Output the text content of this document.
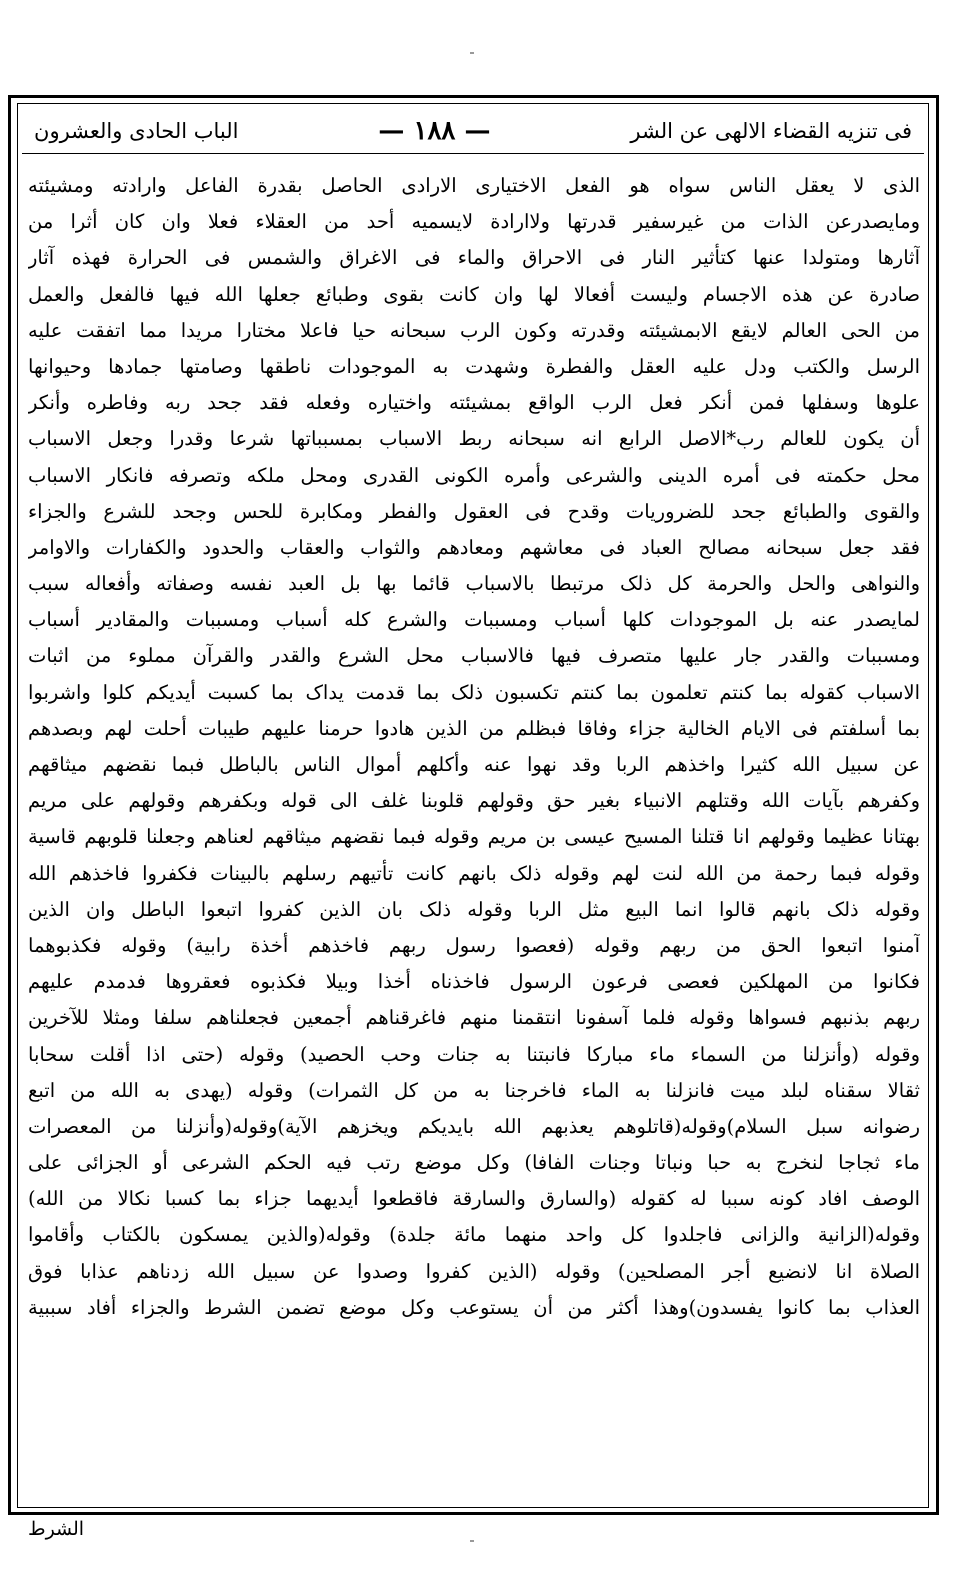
الباب الحادی والعشرون	— ١٨٨ —	فی تنزیه القضاء الالهی عن الشر
الذی لا یعقل الناس سواه هو الفعل الاختیاری الارادی الحاصل بقدرة الفاعل وارادته ومشیئته
ومایصدرعن الذات من غیرسفیر قدرتها ولاارادة لایسمیه أحد من العقلاء فعلا وان کان أثرا من
آثارها ومتولدا عنها کتأثیر النار فی الاحراق والماء فی الاغراق والشمس فی الحرارة فهذه آثار
صادرة عن هذه الاجسام ولیست أفعالا لها وان کانت بقوی وطبائع جعلها الله فیها فالفعل والعمل
من الحی العالم لایقع الابمشیئته وقدرته وکون الرب سبحانه حیا فاعلا مختارا مریدا مما اتفقت علیه
الرسل والکتب ودل علیه العقل والفطرة وشهدت به الموجودات ناطقها وصامتها جمادها وحیوانها
علوها وسفلها فمن أنکر فعل الرب الواقع بمشیئته واختیاره وفعله فقد جحد ربه وفاطره وأنکر
أن یکون للعالم رب*الاصل الرابع انه سبحانه ربط الاسباب بمسبباتها شرعا وقدرا وجعل الاسباب
محل حکمته فی أمره الدینی والشرعی وأمره الکونی القدری ومحل ملکه وتصرفه فانکار الاسباب
والقوی والطبائع جحد للضروریات وقدح فی العقول والفطر ومکابرة للحس وجحد للشرع والجزاء
فقد جعل سبحانه مصالح العباد فی معاشهم ومعادهم والثواب والعقاب والحدود والکفارات والاوامر
والنواهی والحل والحرمة کل ذلک مرتبطا بالاسباب قائما بها بل العبد نفسه وصفاته وأفعاله سبب
لمایصدر عنه بل الموجودات کلها أسباب ومسببات والشرع کله أسباب ومسببات والمقادیر أسباب
ومسببات والقدر جار علیها متصرف فیها فالاسباب محل الشرع والقدر والقرآن مملوء من اثبات
الاسباب کقوله بما کنتم تعلمون بما کنتم تکسبون ذلک بما قدمت یداک بما کسبت أیدیکم کلوا واشربوا
بما أسلفتم فی الایام الخالیة جزاء وفاقا فبظلم من الذین هادوا حرمنا علیهم طیبات أحلت لهم وبصدهم
عن سبیل الله کثیرا واخذهم الربا وقد نهوا عنه وأکلهم أموال الناس بالباطل فبما نقضهم میثاقهم
وکفرهم بآیات الله وقتلهم الانبیاء بغیر حق وقولهم قلوبنا غلف الی قوله وبکفرهم وقولهم علی مریم
بهتانا عظیما وقولهم انا قتلنا المسیح عیسی بن مریم وقوله فبما نقضهم میثاقهم لعناهم وجعلنا قلوبهم قاسیة
وقوله فبما رحمة من الله لنت لهم وقوله ذلک بانهم کانت تأتیهم رسلهم بالبینات فکفروا فاخذهم الله
وقوله ذلک بانهم قالوا انما البیع مثل الربا وقوله ذلک بان الذین کفروا اتبعوا الباطل وان الذین
آمنوا اتبعوا الحق من ربهم وقوله (فعصوا رسول ربهم فاخذهم أخذة رابیة) وقوله فکذبوهما
فکانوا من المهلکین فعصی فرعون الرسول فاخذناه أخذا وبیلا فکذبوه فعقروها فدمدم علیهم
ربهم بذنبهم فسواها وقوله فلما آسفونا انتقمنا منهم فاغرقناهم أجمعین فجعلناهم سلفا ومثلا للآخرین
وقوله (وأنزلنا من السماء ماء مبارکا فانبتنا به جنات وحب الحصید) وقوله (حتی اذا أقلت سحابا
ثقالا سقناه لبلد میت فانزلنا به الماء فاخرجنا به من کل الثمرات) وقوله (یهدی به الله من اتبع
رضوانه سبل السلام)وقوله(قاتلوهم یعذبهم الله بایدیکم ویخزهم الآیة)وقوله(وأنزلنا من المعصرات
ماء ثجاجا لنخرج به حبا ونباتا وجنات الفافا) وکل موضع رتب فیه الحکم الشرعی أو الجزائی علی
الوصف افاد کونه سببا له کقوله (والسارق والسارقة فاقطعوا أیدیهما جزاء بما کسبا نکالا من الله)
وقوله(الزانیة والزانی فاجلدوا کل واحد منهما مائة جلدة) وقوله(والذین یمسکون بالکتاب وأقاموا
الصلاة انا لانضیع أجر المصلحین) وقوله (الذین کفروا وصدوا عن سبیل الله زدناهم عذابا فوق
العذاب بما کانوا یفسدون)وهذا أکثر من أن یستوعب وکل موضع تضمن الشرط والجزاء أفاد سببیة
الشرط
